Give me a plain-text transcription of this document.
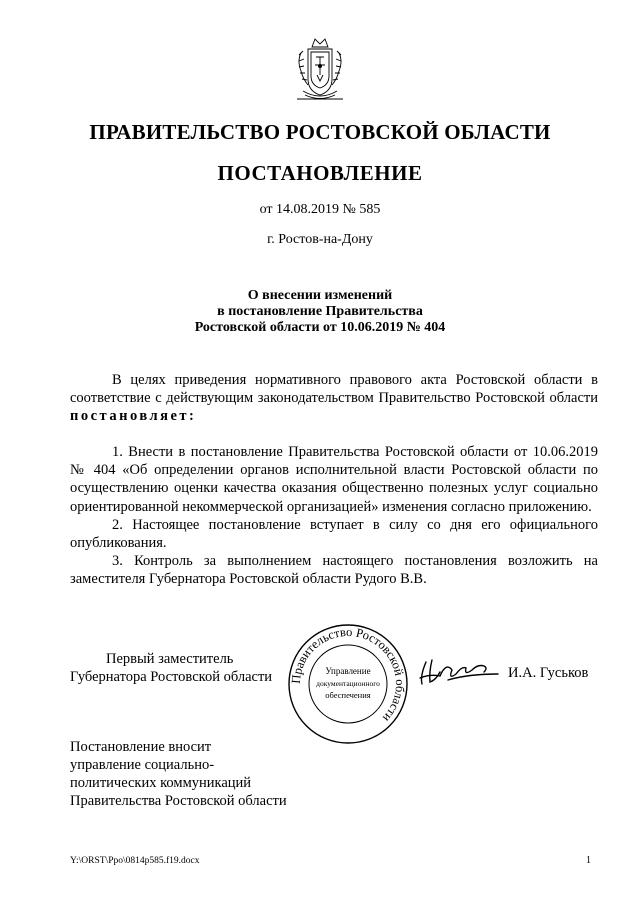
ПРАВИТЕЛЬСТВО РОСТОВСКОЙ ОБЛАСТИ
ПОСТАНОВЛЕНИЕ
от 14.08.2019 № 585
г. Ростов-на-Дону
О внесении изменений
в постановление Правительства
Ростовской области от 10.06.2019 № 404

В целях приведения нормативного правового акта Ростовской области в соответствие с действующим законодательством Правительство Ростовской области постановляет:

1. Внести в постановление Правительства Ростовской области от 10.06.2019 № 404 «Об определении органов исполнительной власти Ростовской области по осуществлению оценки качества оказания общественно полезных услуг социально ориентированной некоммерческой организацией» изменения согласно приложению.

2. Настоящее постановление вступает в силу со дня его официального опубликования.

3. Контроль за выполнением настоящего постановления возложить на заместителя Губернатора Ростовской области Рудого В.В.

Правительство Ростовской области
Управление
документационного
обеспечения
Первый заместитель
Губернатора Ростовской области	И.А. Гуськов
Постановление вносит
управление социально-
политических коммуникаций
Правительства Ростовской области
Y:\ORST\Ppo\0814p585.f19.docx	1
